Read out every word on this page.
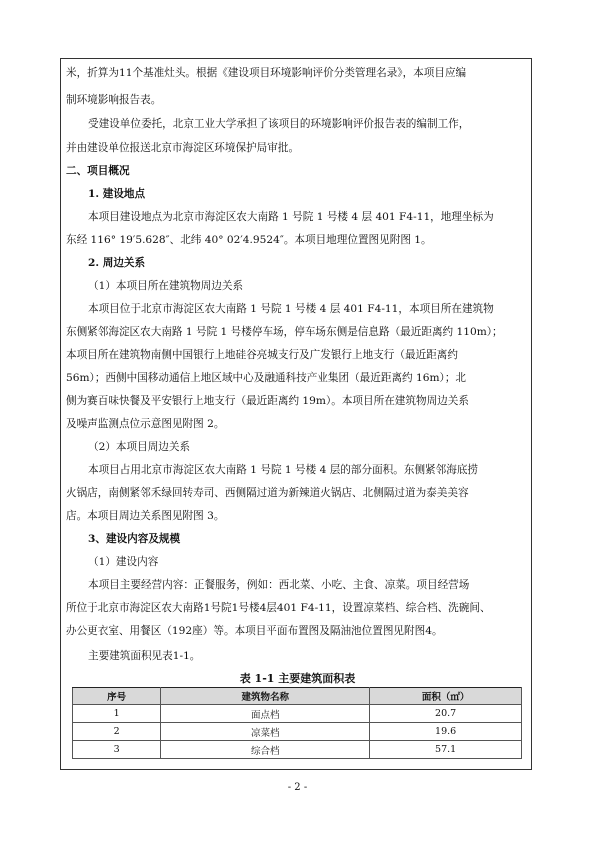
米，折算为11个基准灶头。根据《建设项目环境影响评价分类管理名录》，本项目应编
制环境影响报告表。
受建设单位委托，北京工业大学承担了该项目的环境影响评价报告表的编制工作，
并由建设单位报送北京市海淀区环境保护局审批。
二、项目概况
1. 建设地点
本项目建设地点为北京市海淀区农大南路 1 号院 1 号楼 4 层 401 F4-11，地理坐标为
东经 116° 19′5.628″、北纬 40° 02′4.9524″。本项目地理位置图见附图 1。
2. 周边关系
（1）本项目所在建筑物周边关系
本项目位于北京市海淀区农大南路 1 号院 1 号楼 4 层 401 F4-11，本项目所在建筑物
东侧紧邻海淀区农大南路 1 号院 1 号楼停车场，停车场东侧是信息路（最近距离约 110m）；
本项目所在建筑物南侧中国银行上地硅谷亮城支行及广发银行上地支行（最近距离约
56m）；西侧中国移动通信上地区域中心及融通科技产业集团（最近距离约 16m）；北
侧为赛百味快餐及平安银行上地支行（最近距离约 19m）。本项目所在建筑物周边关系
及噪声监测点位示意图见附图 2。
（2）本项目周边关系
本项目占用北京市海淀区农大南路 1 号院 1 号楼 4 层的部分面积。东侧紧邻海底捞
火锅店，南侧紧邻禾绿回转寿司、西侧隔过道为新辣道火锅店、北侧隔过道为泰美美容
店。本项目周边关系图见附图 3。
3、建设内容及规模
（1）建设内容
本项目主要经营内容：正餐服务，例如：西北菜、小吃、主食、凉菜。项目经营场
所位于北京市海淀区农大南路1号院1号楼4层401 F4-11，设置凉菜档、综合档、洗碗间、
办公更衣室、用餐区（192座）等。本项目平面布置图及隔油池位置图见附图4。
主要建筑面积见表1-1。
表 1-1 主要建筑面积表
序号	建筑物名称	面积（㎡）
1	面点档	20.7
2	凉菜档	19.6
3	综合档	57.1
- 2 -
